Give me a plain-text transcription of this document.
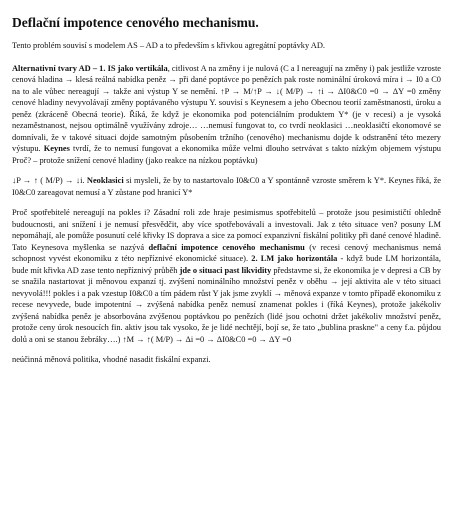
Deflační impotence cenového mechanismu.

Tento problém souvisí s modelem AS – AD a to především s křivkou agregátní poptávky AD.

Alternativní tvary AD – 1. IS jako vertikála, citlivost A na změny i je nulová (C a I nereagují na změny i) pak jestliže vzroste cenová hladina → klesá reálná nabídka peněz → při dané poptávce po penězích pak roste nominální úroková míra i → I0 a C0 na to ale vůbec nereagují → takže ani výstup Y se nemění. ↑P → M/↑P → ↓( M/P) → ↑i → ΔI0&C0 =0 → ΔY =0 změny cenové hladiny nevyvolávají změny poptávaného výstupu Y. souvisí s Keynesem a jeho Obecnou teorií zaměstnanosti, úroku a peněz (zkráceně Obecná teorie). Říká, že když je ekonomika pod potenciálním produktem Y* (je v recesi) a je vysoká nezaměstnanost, nejsou optimálně využívány zdroje… …nemusí fungovat to, co tvrdí neoklasici …neoklasičtí ekonomové se domnívali, že v takové situaci dojde samotným působením tržního (cenového) mechanismu dojde k odstranění této mezery výstupu. Keynes tvrdí, že to nemusí fungovat a ekonomika může velmi dlouho setrvávat s takto nízkým objemem výstupu Proč? – protože snížení cenové hladiny (jako reakce na nízkou poptávku)

↓P → ↑ ( M/P) → ↓i. Neoklasici si mysleli, že by to nastartovalo I0&C0 a Y spontánně vzroste směrem k Y*. Keynes říká, že I0&C0 zareagovat nemusí a Y zůstane pod hranicí Y*

Proč spotřebitelé nereagují na pokles i? Zásadní roli zde hraje pesimismus spotřebitelů – protože jsou pesimističtí ohledně budoucnosti, ani snížení i je nemusí přesvědčit, aby více spotřebovávali a investovali. Jak z této situace ven? posuny LM nepomáhají, ale pomůže posunutí celé křivky IS doprava a sice za pomocí expanzivní fiskální politiky při dané cenové hladině. Tato Keynesova myšlenka se nazývá deflační impotence cenového mechanismu (v recesi cenový mechanismus nemá schopnost vyvést ekonomiku z této nepříznivé ekonomické situace). 2. LM jako horizontála - když bude LM horizontála, bude mít křivka AD zase tento nepříznivý průběh jde o situaci past likvidity představme si, že ekonomika je v depresi a CB by se snažila nastartovat ji měnovou expanzí tj. zvýšení nominálního množství peněz v oběhu → její aktivita ale v této situaci nevyvolá!!! pokles i a pak vzestup I0&C0 a tím pádem růst Y jak jsme zvyklí → měnová expanze v tomto případě ekonomiku z recese nevyvede, bude impotentní → zvýšená nabídka peněz nemusí znamenat pokles i (říká Keynes), protože jakékoliv zvýšená nabídka peněz je absorbována zvýšenou poptávkou po penězích (lidé jsou ochotni držet jakékoliv množství peněz, protože ceny úrok nesoucích fin. aktiv jsou tak vysoko, že je lidé nechtějí, bojí se, že tato „bublina praskne" a ceny f.a. půjdou dolů a oni se stanou žebráky….) ↑M → ↑( M/P) → Δi =0 → ΔI0&C0 =0 → ΔY =0

neúčinná měnová politika, vhodné nasadit fiskální expanzi.
